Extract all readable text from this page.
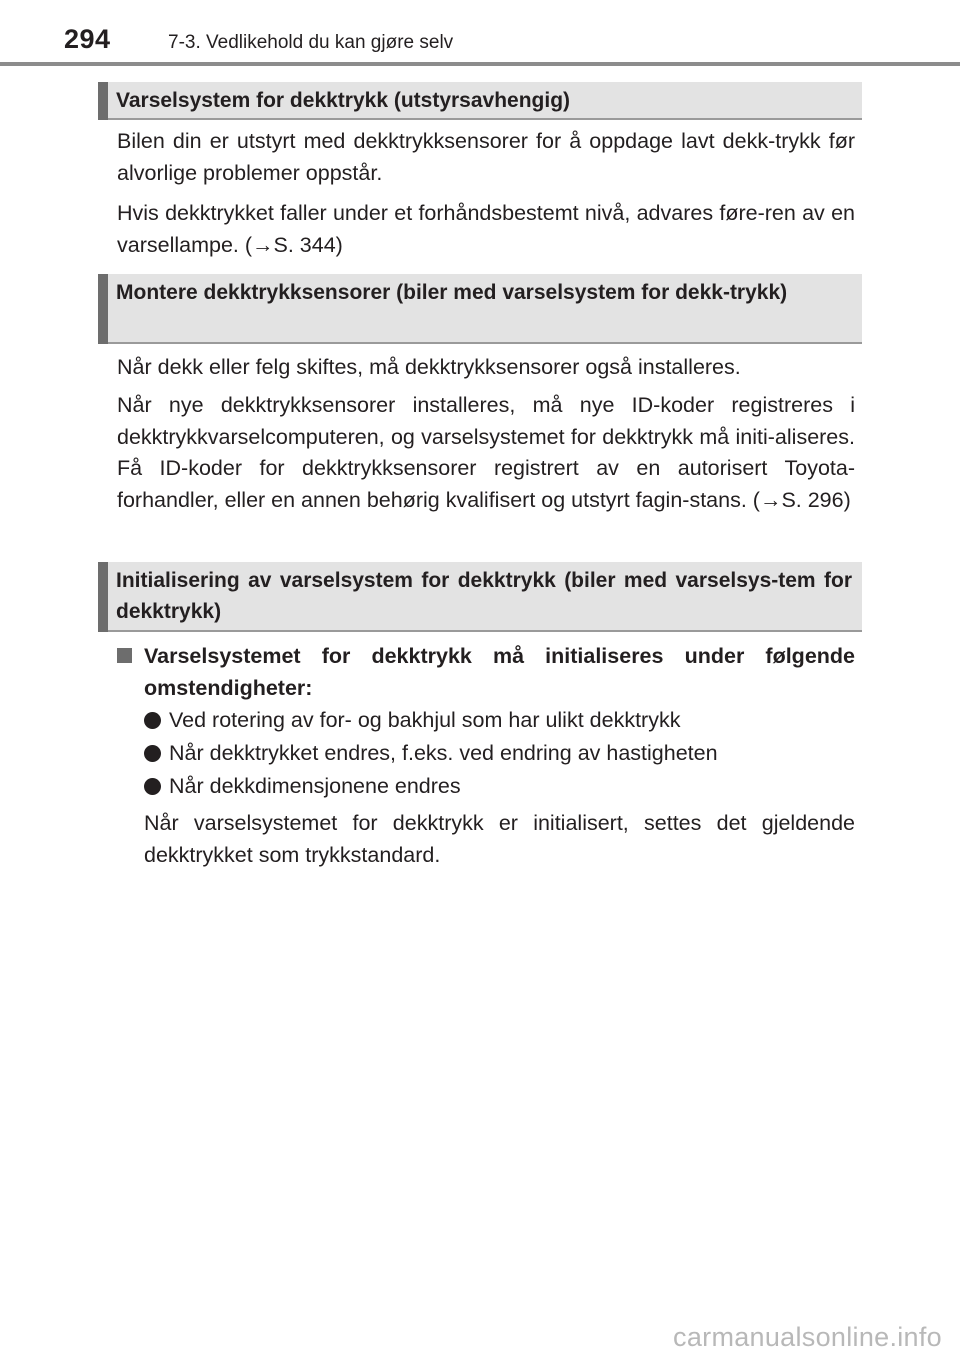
294	7-3. Vedlikehold du kan gjøre selv
Varselsystem for dekktrykk (utstyrsavhengig)

Bilen din er utstyrt med dekktrykksensorer for å oppdage lavt dekk-trykk før alvorlige problemer oppstår.

Hvis dekktrykket faller under et forhåndsbestemt nivå, advares føre-ren av en varsellampe. (→S. 344)

Montere dekktrykksensorer (biler med varselsystem for dekk-trykk)

Når dekk eller felg skiftes, må dekktrykksensorer også installeres.

Når nye dekktrykksensorer installeres, må nye ID-koder registreres i dekktrykkvarselcomputeren, og varselsystemet for dekktrykk må initi-aliseres. Få ID-koder for dekktrykksensorer registrert av en autorisert Toyota-forhandler, eller en annen behørig kvalifisert og utstyrt fagin-stans. (→S. 296)

Initialisering av varselsystem for dekktrykk (biler med varselsys-tem for dekktrykk)
Varselsystemet for dekktrykk må initialiseres under følgende omstendigheter:
Ved rotering av for- og bakhjul som har ulikt dekktrykk
Når dekktrykket endres, f.eks. ved endring av hastigheten
Når dekkdimensjonene endres

Når varselsystemet for dekktrykk er initialisert, settes det gjeldende dekktrykket som trykkstandard.

carmanualsonline.info
